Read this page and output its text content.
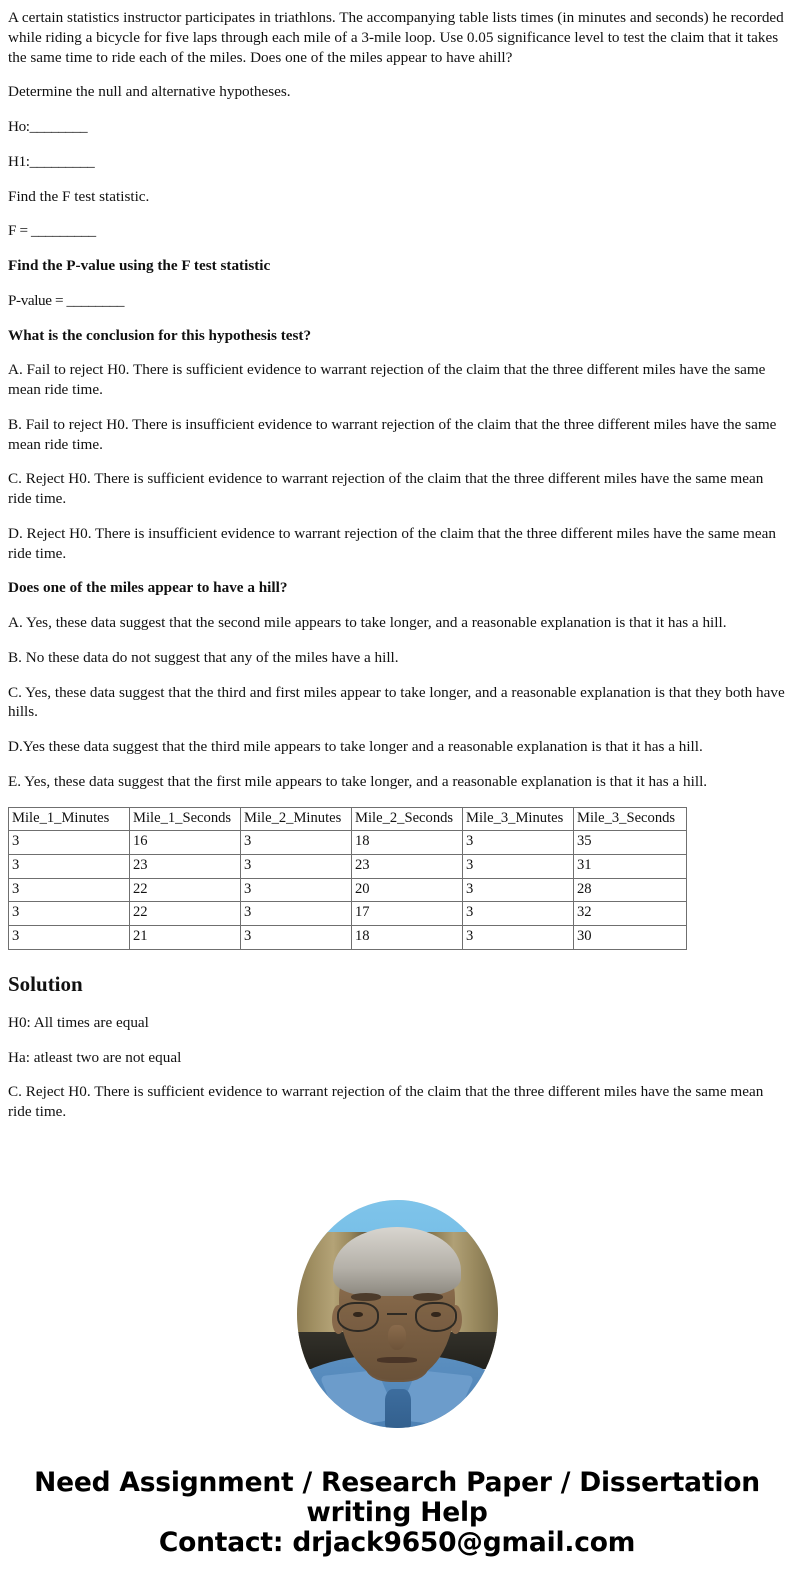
A certain statistics instructor participates in triathlons. The accompanying table lists times (in minutes and seconds) he recorded while riding a bicycle for five laps through each mile of a 3-mile loop. Use 0.05 significance level to test the claim that it takes the same time to ride each of the miles. Does one of the miles appear to have ahill?

Determine the null and alternative hypotheses.

Ho:________

H1:_________

Find the F test statistic.

F = _________

Find the P-value using the F test statistic

P-value = ________

What is the conclusion for this hypothesis test?

A. Fail to reject H0. There is sufficient evidence to warrant rejection of the claim that the three different miles have the same mean ride time.

B. Fail to reject H0. There is insufficient evidence to warrant rejection of the claim that the three different miles have the same mean ride time.

C. Reject H0. There is sufficient evidence to warrant rejection of the claim that the three different miles have the same mean ride time.

D. Reject H0. There is insufficient evidence to warrant rejection of the claim that the three different miles have the same mean ride time.

Does one of the miles appear to have a hill?

A. Yes, these data suggest that the second mile appears to take longer, and a reasonable explanation is that it has a hill.

B. No these data do not suggest that any of the miles have a hill.

C. Yes, these data suggest that the third and first miles appear to take longer, and a reasonable explanation is that they both have hills.

D.Yes these data suggest that the third mile appears to take longer and a reasonable explanation is that it has a hill.

E. Yes, these data suggest that the first mile appears to take longer, and a reasonable explanation is that it has a hill.

Mile_1_Minutes	Mile_1_Seconds	Mile_2_Minutes	Mile_2_Seconds	Mile_3_Minutes	Mile_3_Seconds
3	16	3	18	3	35
3	23	3	23	3	31
3	22	3	20	3	28
3	22	3	17	3	32
3	21	3	18	3	30
Solution

H0: All times are equal

Ha: atleast two are not equal

C. Reject H0. There is sufficient evidence to warrant rejection of the claim that the three different miles have the same mean ride time.

Need Assignment / Research Paper / Dissertation writing Help
Contact: drjack9650@gmail.com
